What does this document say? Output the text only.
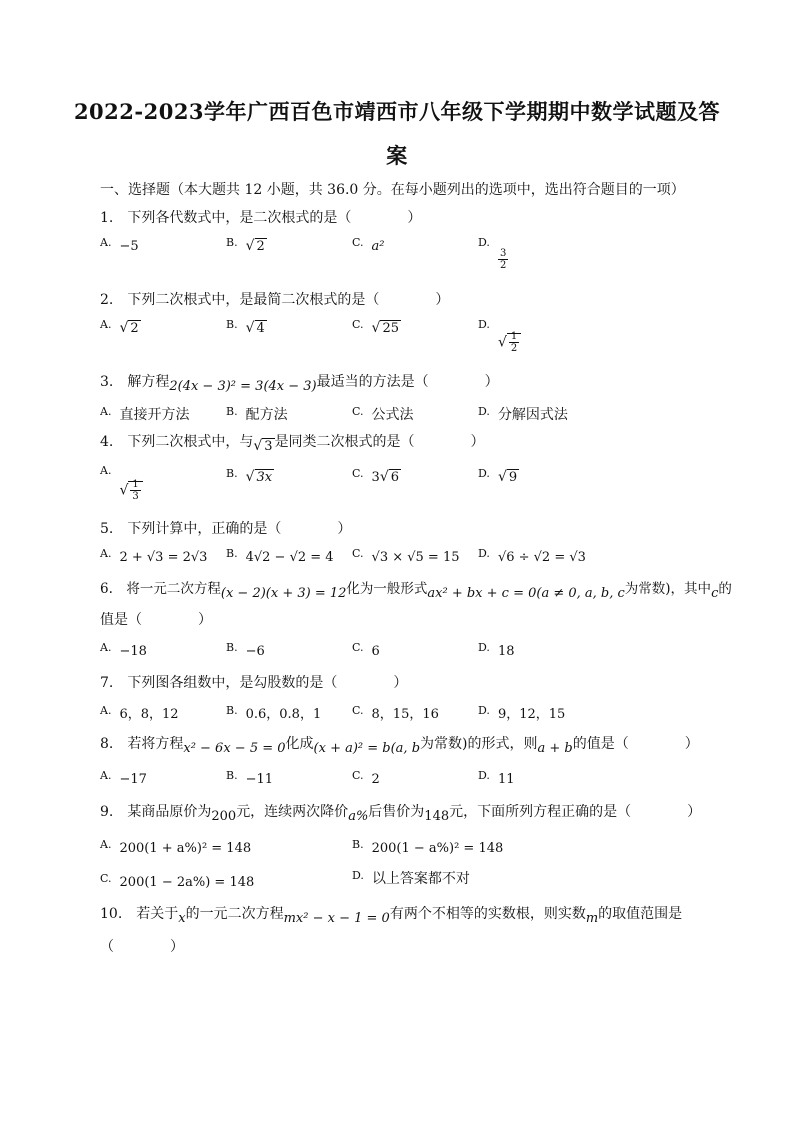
2022-2023学年广西百色市靖西市八年级下学期期中数学试题及答
案
一、选择题（本大题共 12 小题，共 36.0 分。在每小题列出的选项中，选出符合题目的一项）
1.　下列各代数式中，是二次根式的是（　　　　）
$^{A.}$ −5	$^{B.}$ √ 2	$^{C.}$ a²	$^{D.}$
$\frac{3}{2}$
2.　下列二次根式中，是最简二次根式的是（　　　　）
$^{A.}$ √ 2	$^{B.}$ √ 4	$^{C.}$ √ 25	$^{D.}√ \frac{1}{2}$
3.　解方程2(4x − 3)² = 3(4x − 3)最适当的方法是（　　　　）
$^{A.}$ 直接开方法	$^{B.}$ 配方法	$^{C.}$ 公式法	$^{D.}$ 分解因式法
4.　下列二次根式中，与√ 3 是同类二次根式的是（　　　　）
$^{A.}√ \frac{1}{3}$
$^{B.}$ √ 3x	$^{C.}$ 3√ 6	$^{D.}$ √ 9
5.　下列计算中，正确的是（　　　　）
$^{A.}$ 2 + √3 = 2√3 $^{B.}$ 4√2 − √2 = 4 $^{C.}$ √3 × √5 = 15 $^{D.}$ √6 ÷ √2 = √3
6.　将一元二次方程(x − 2)(x + 3) = 12化为一般形式ax² + bx + c = 0(a ≠ 0, a, b, c为常数)，其中c的
值是（　　　　）
$^{A.}$ −18	$^{B.}$ −6	$^{C.}$ 6	$^{D.}$ 18
7.　下列图各组数中，是勾股数的是（　　　　）
$^{A.}$ 6，8，12	$^{B.}$ 0.6，0.8，1	$^{C.}$ 8，15，16	$^{D.}$ 9，12，15
8.　若将方程x² − 6x − 5 = 0化成(x + a)² = b(a, b为常数)的形式，则a + b的值是（　　　　）
$^{A.}$ −17	$^{B.}$ −11	$^{C.}$ 2	$^{D.}$ 11
9.　某商品原价为200元，连续两次降价a%后售价为148元，下面所列方程正确的是（　　　　）
$^{A.}$ 200(1 + a%)² = 148	$^{B.}$ 200(1 − a%)² = 148
$^{C.}$ 200(1 − 2a%) = 148	$^{D.}$ 以上答案都不对
10.　若关于x的一元二次方程mx² − x − 1 = 0有两个不相等的实数根，则实数m的取值范围是
（　　　　）
